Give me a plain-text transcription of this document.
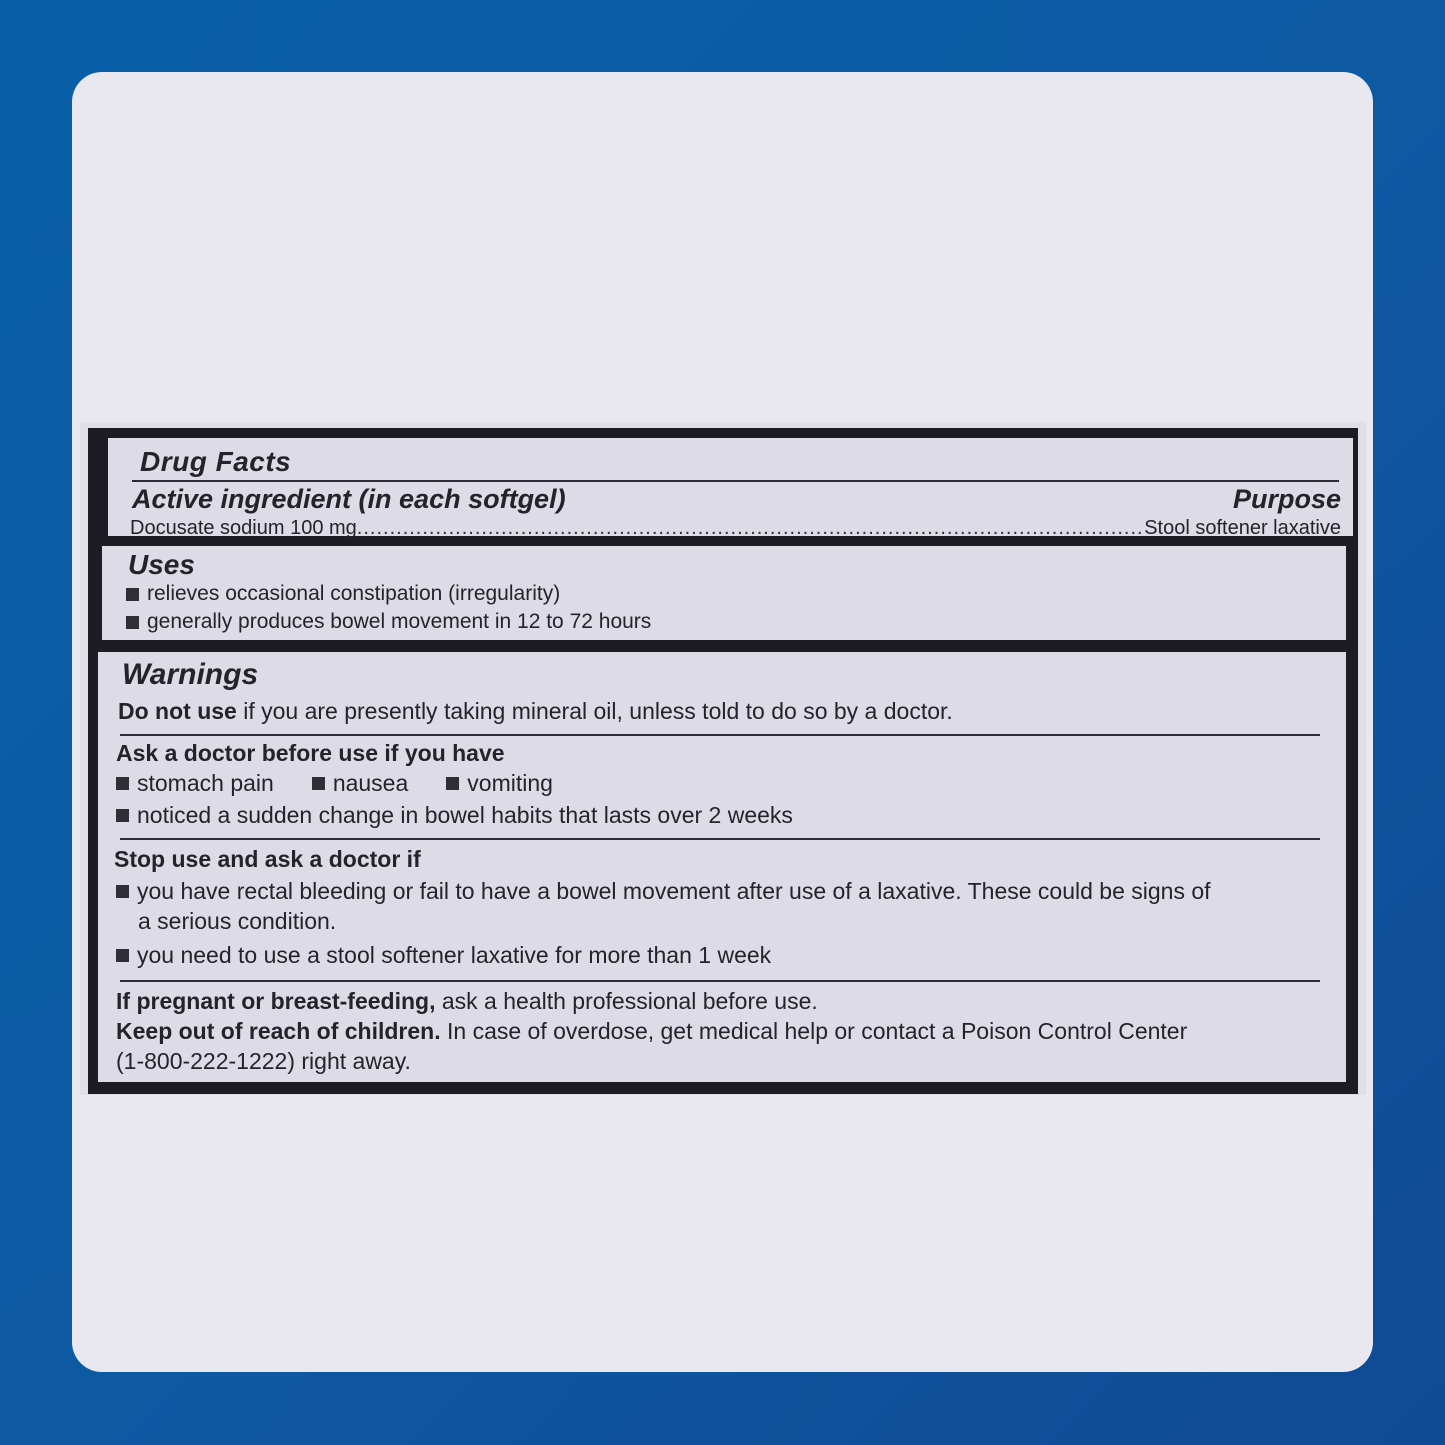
Drug Facts
Active ingredient (in each softgel)	Purpose
Docusate sodium 100 mg
.....	Stool softener laxative
Uses
relieves occasional constipation (irregularity)
generally produces bowel movement in 12 to 72 hours
Warnings
Do not use if you are presently taking mineral oil, unless told to do so by a doctor.
Ask a doctor before use if you have
stomach pain	nausea	vomiting
noticed a sudden change in bowel habits that lasts over 2 weeks
Stop use and ask a doctor if
you have rectal bleeding or fail to have a bowel movement after use of a laxative. These could be signs of
a serious condition.
you need to use a stool softener laxative for more than 1 week
If pregnant or breast-feeding, ask a health professional before use.
Keep out of reach of children. In case of overdose, get medical help or contact a Poison Control Center
(1-800-222-1222) right away.
